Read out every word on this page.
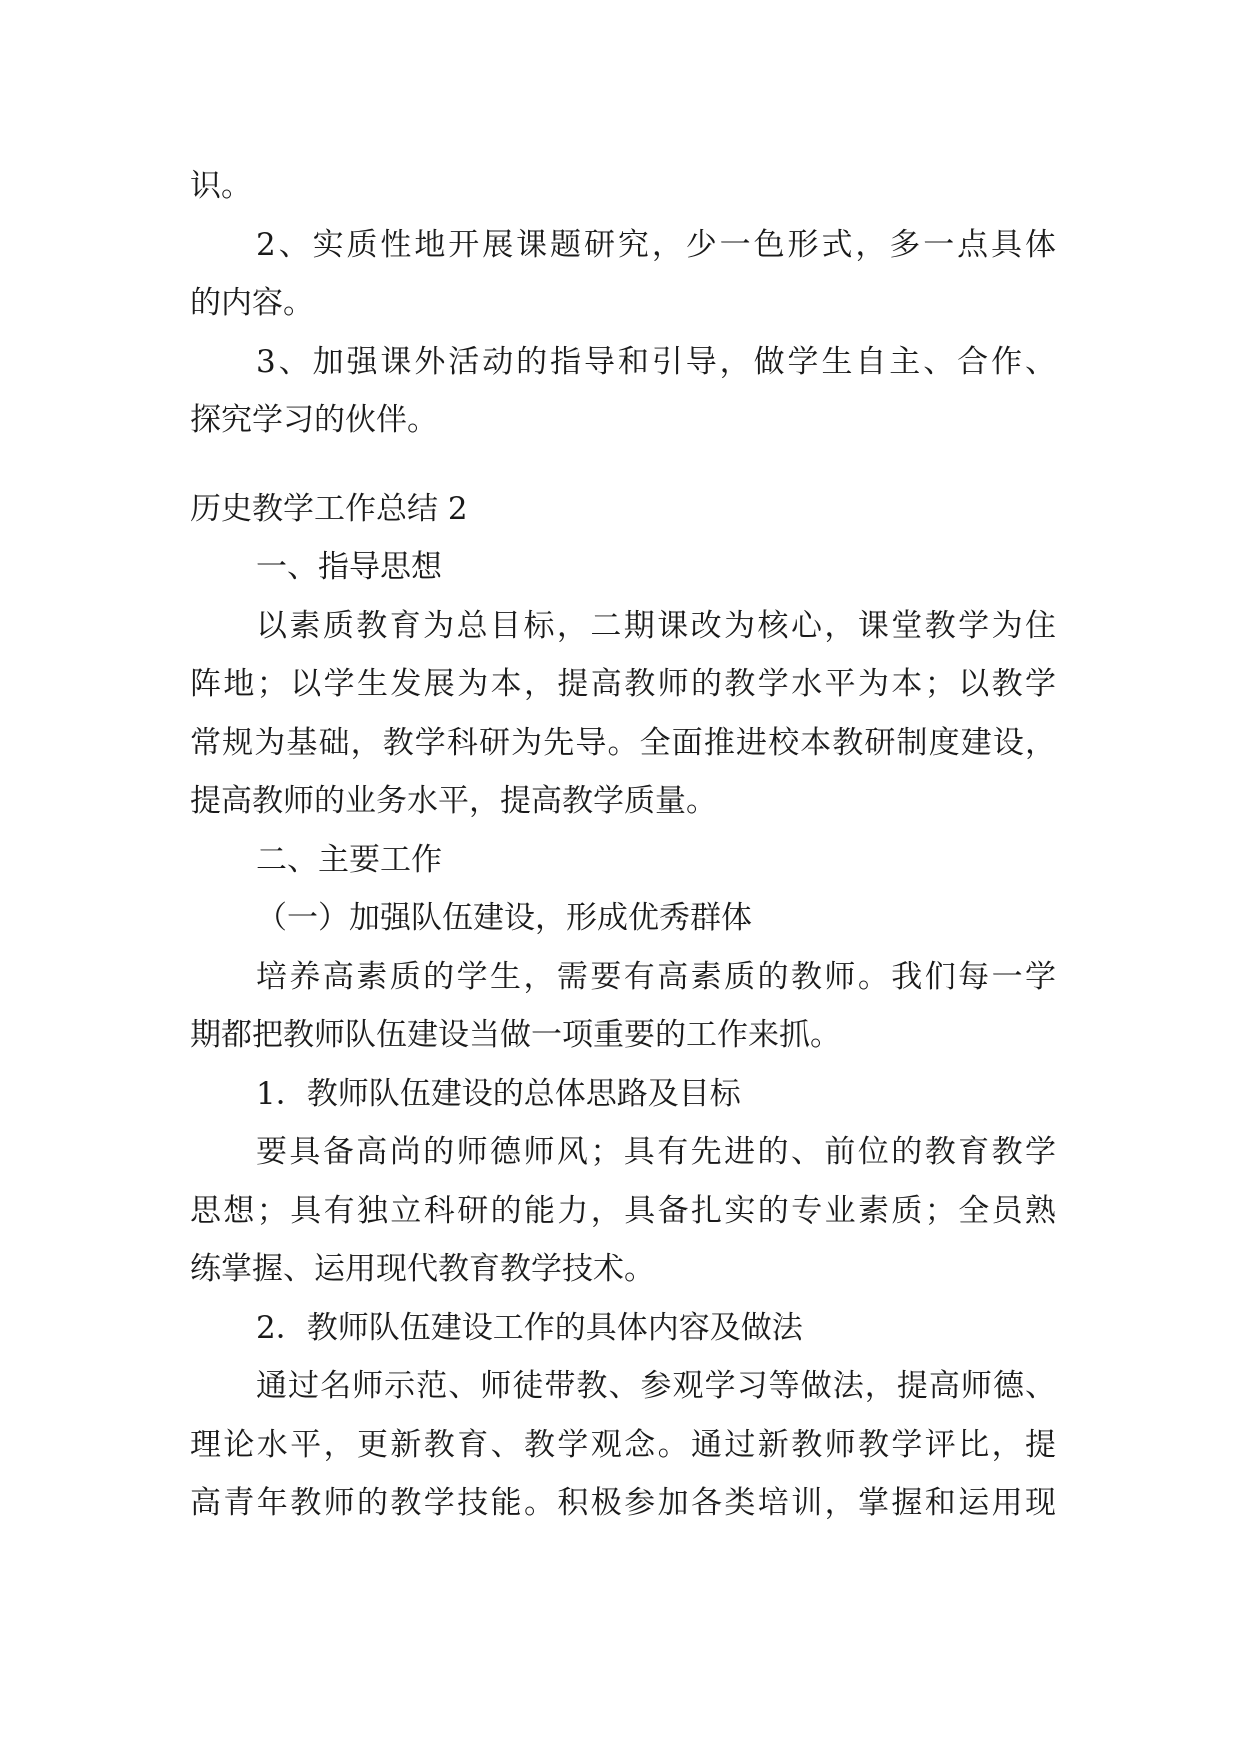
识。
2、实质性地开展课题研究，少一色形式，多一点具体
的内容。
3、加强课外活动的指导和引导，做学生自主、合作、
探究学习的伙伴。
历史教学工作总结 2
一、指导思想
以素质教育为总目标，二期课改为核心，课堂教学为住
阵地；以学生发展为本，提高教师的教学水平为本；以教学
常规为基础，教学科研为先导。全面推进校本教研制度建设，
提高教师的业务水平，提高教学质量。
二、主要工作
（一）加强队伍建设，形成优秀群体
培养高素质的学生，需要有高素质的教师。我们每一学
期都把教师队伍建设当做一项重要的工作来抓。
1．教师队伍建设的总体思路及目标
要具备高尚的师德师风；具有先进的、前位的教育教学
思想；具有独立科研的能力，具备扎实的专业素质；全员熟
练掌握、运用现代教育教学技术。
2．教师队伍建设工作的具体内容及做法
通过名师示范、师徒带教、参观学习等做法，提高师德、
理论水平，更新教育、教学观念。通过新教师教学评比，提
高青年教师的教学技能。积极参加各类培训，掌握和运用现
